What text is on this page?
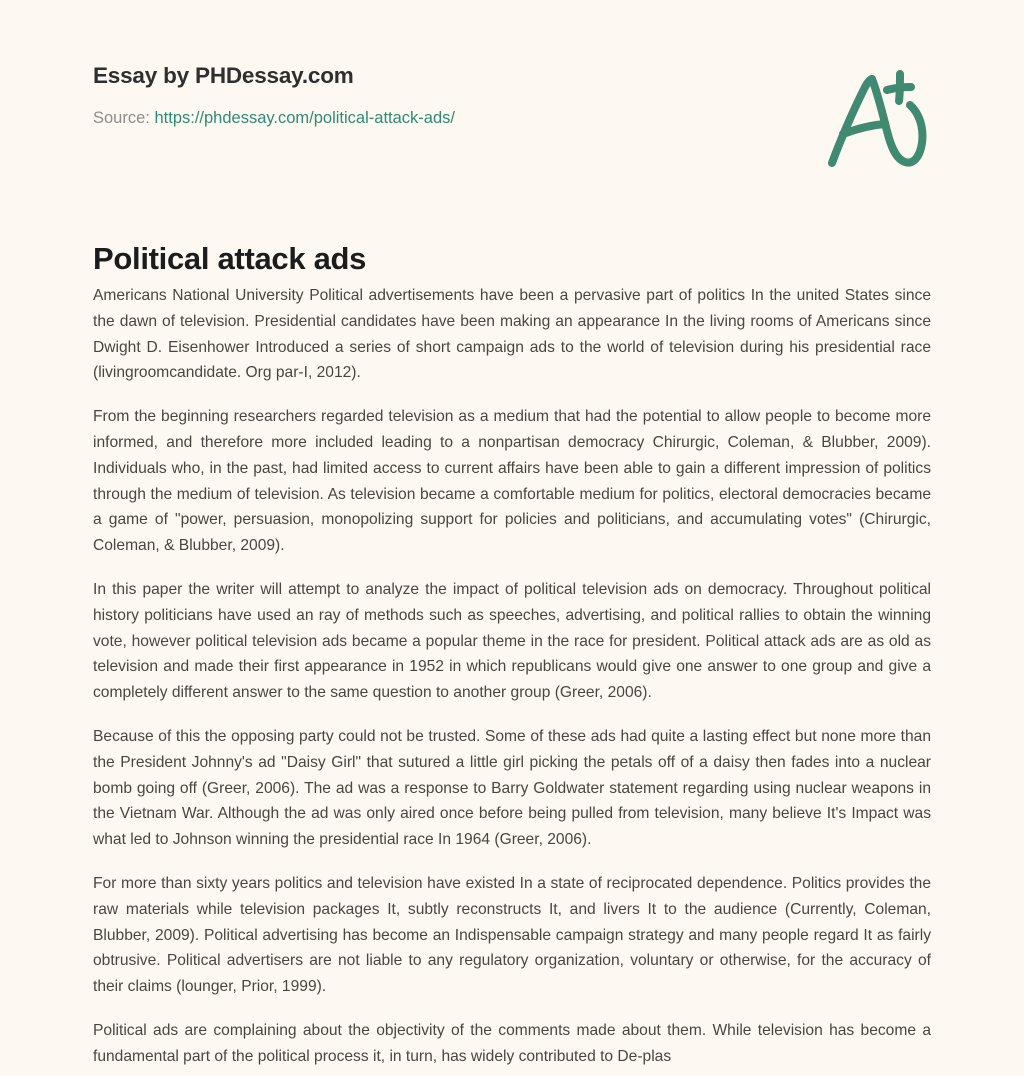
Essay by PHDessay.com
Source: https://phdessay.com/political-attack-ads/
Political attack ads

Americans National University Political advertisements have been a pervasive part of politics In the united States since the dawn of television. Presidential candidates have been making an appearance In the living rooms of Americans since Dwight D. Eisenhower Introduced a series of short campaign ads to the world of television during his presidential race (livingroomcandidate. Org par-I, 2012).

From the beginning researchers regarded television as a medium that had the potential to allow people to become more informed, and therefore more included leading to a nonpartisan democracy Chirurgic, Coleman, & Blubber, 2009). Individuals who, in the past, had limited access to current affairs have been able to gain a different impression of politics through the medium of television. As television became a comfortable medium for politics, electoral democracies became a game of "power, persuasion, monopolizing support for policies and politicians, and accumulating votes" (Chirurgic, Coleman, & Blubber, 2009).

In this paper the writer will attempt to analyze the impact of political television ads on democracy. Throughout political history politicians have used an ray of methods such as speeches, advertising, and political rallies to obtain the winning vote, however political television ads became a popular theme in the race for president. Political attack ads are as old as television and made their first appearance in 1952 in which republicans would give one answer to one group and give a completely different answer to the same question to another group (Greer, 2006).

Because of this the opposing party could not be trusted. Some of these ads had quite a lasting effect but none more than the President Johnny's ad "Daisy Girl" that sutured a little girl picking the petals off of a daisy then fades into a nuclear bomb going off (Greer, 2006). The ad was a response to Barry Goldwater statement regarding using nuclear weapons in the Vietnam War. Although the ad was only aired once before being pulled from television, many believe It's Impact was what led to Johnson winning the presidential race In 1964 (Greer, 2006).

For more than sixty years politics and television have existed In a state of reciprocated dependence. Politics provides the raw materials while television packages It, subtly reconstructs It, and livers It to the audience (Currently, Coleman, Blubber, 2009). Political advertising has become an Indispensable campaign strategy and many people regard It as fairly obtrusive. Political advertisers are not liable to any regulatory organization, voluntary or otherwise, for the accuracy of their claims (lounger, Prior, 1999).

Political ads are complaining about the objectivity of the comments made about them. While television has become a fundamental part of the political process it, in turn, has widely contributed to De-plas
